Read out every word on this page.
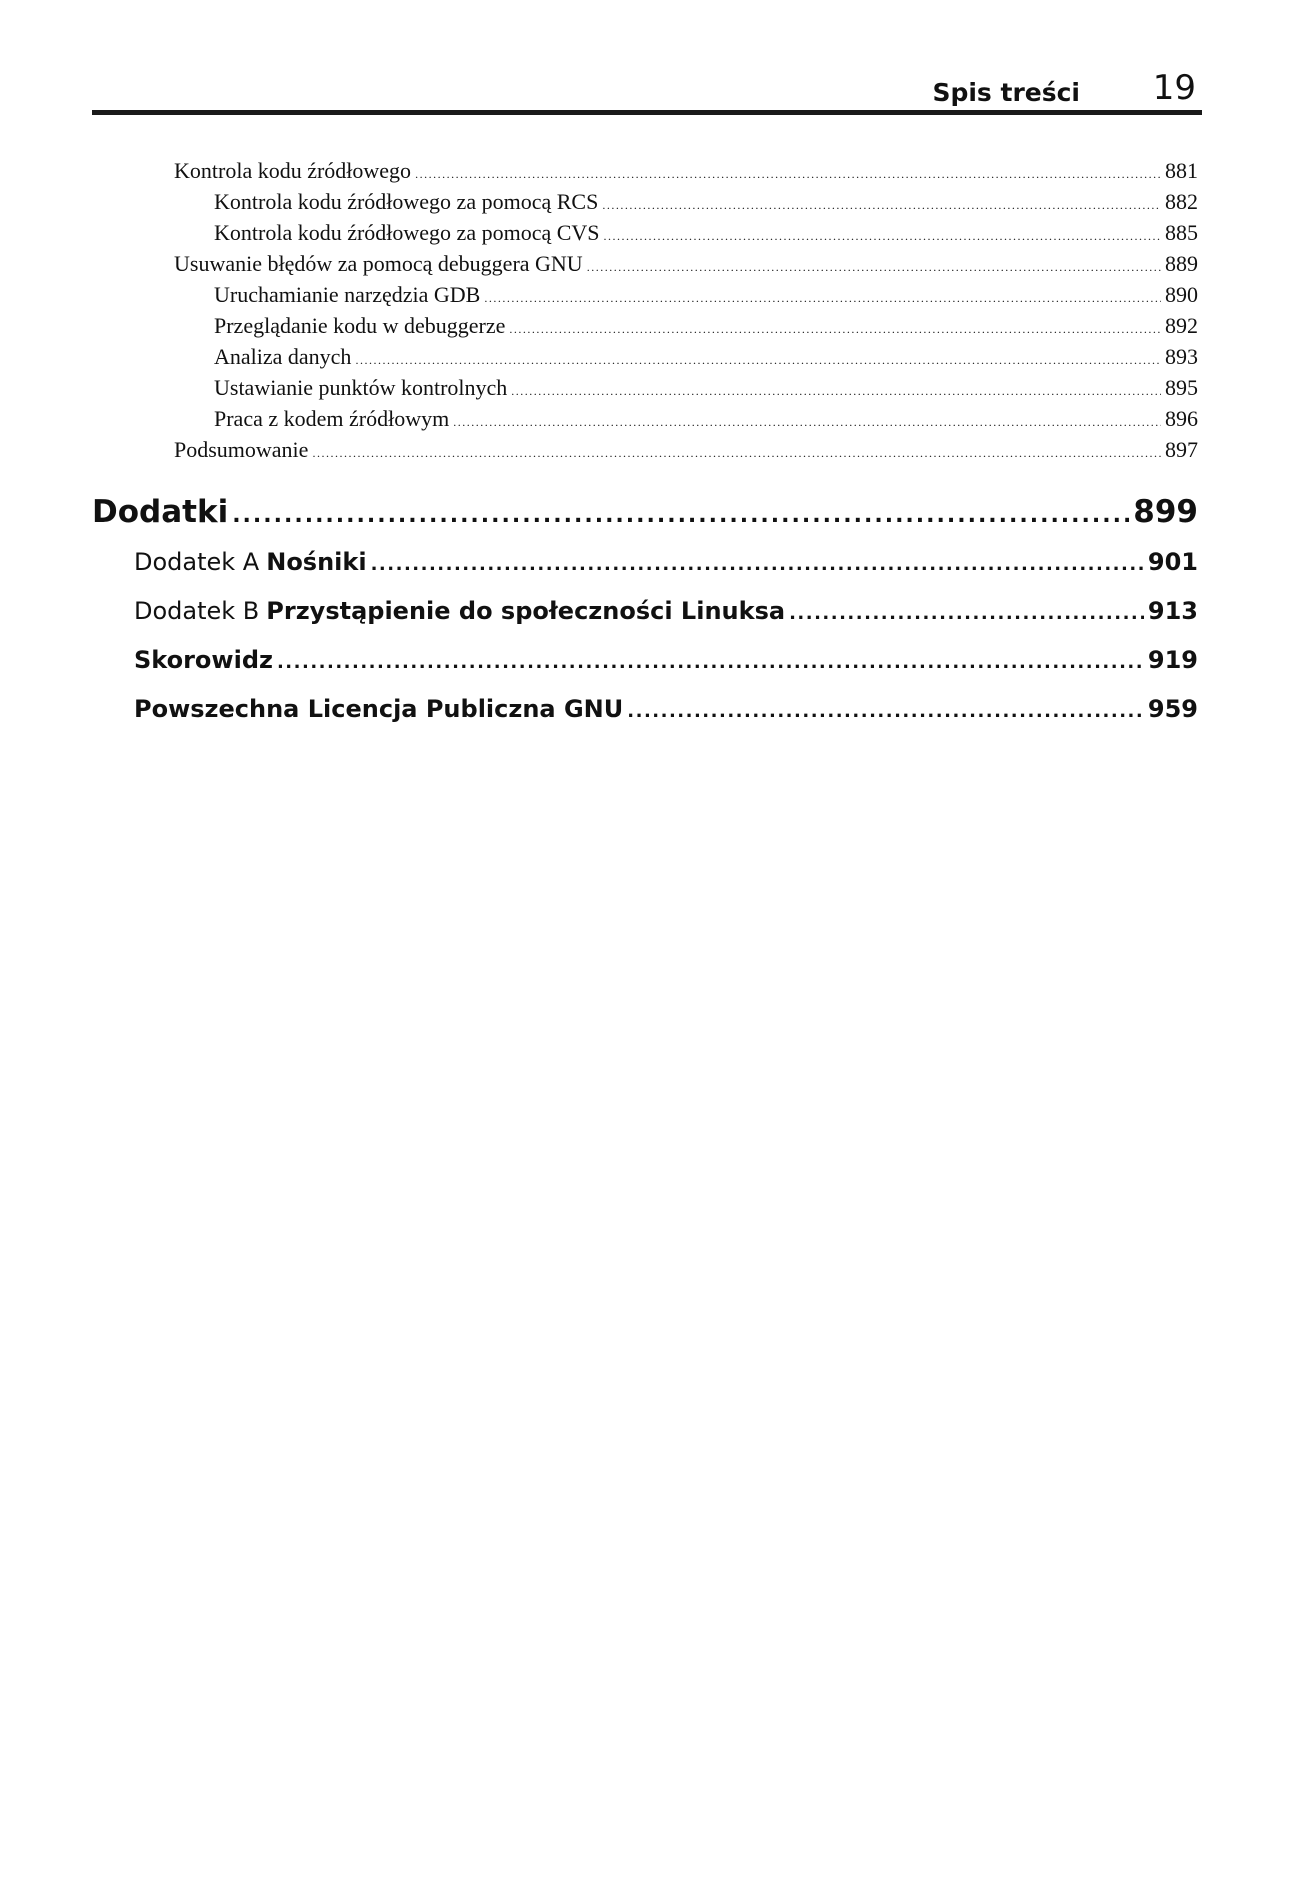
Spis treści 19
Kontrola kodu źródłowego .....	881
Kontrola kodu źródłowego za pomocą RCS .....	882
Kontrola kodu źródłowego za pomocą CVS .....	885
Usuwanie błędów za pomocą debuggera GNU .....	889
Uruchamianie narzędzia GDB .....	890
Przeglądanie kodu w debuggerze .....	892
Analiza danych .....	893
Ustawianie punktów kontrolnych .....	895
Praca z kodem źródłowym .....	896
Podsumowanie .....	897
Dodatki .....	899
Dodatek A Nośniki .....	901
Dodatek B Przystąpienie do społeczności Linuksa .....	913
Skorowidz .....	919
Powszechna Licencja Publiczna GNU .....	959
